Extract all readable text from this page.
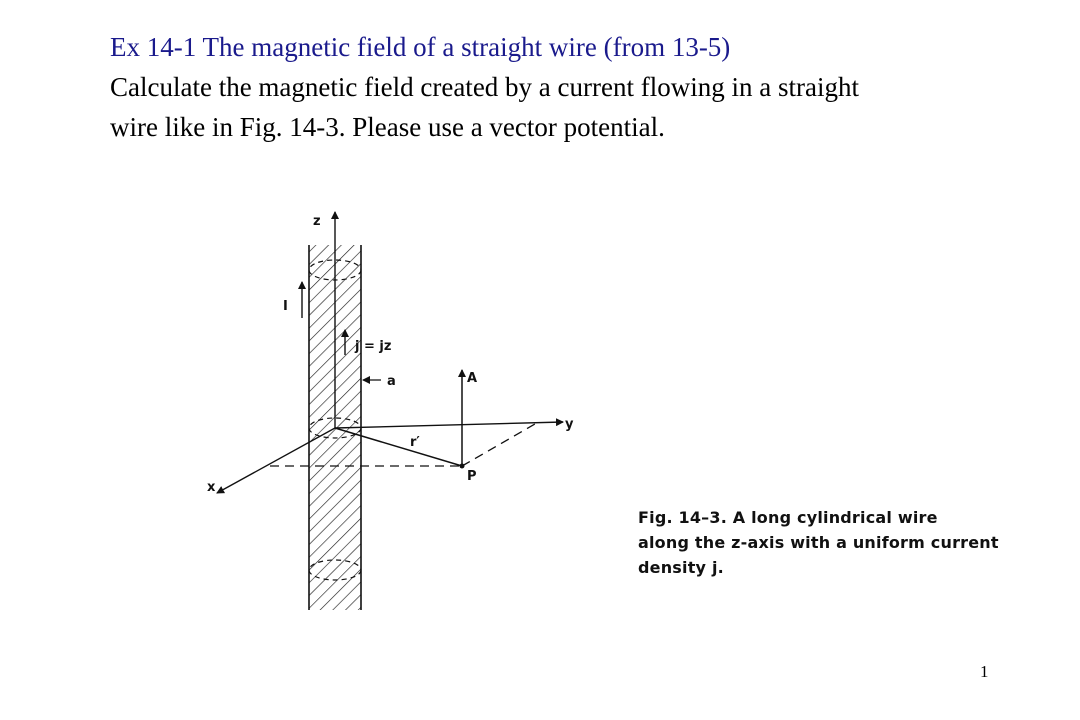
Ex 14-1 The magnetic field of a straight wire (from 13-5)
Calculate the magnetic field created by a current flowing in a straight
wire like in Fig. 14-3. Please use a vector potential.
z
I
j = jz
a	A
y
r′
P
x
Fig. 14–3. A long cylindrical wire
along the z-axis with a uniform current
density j.
1
